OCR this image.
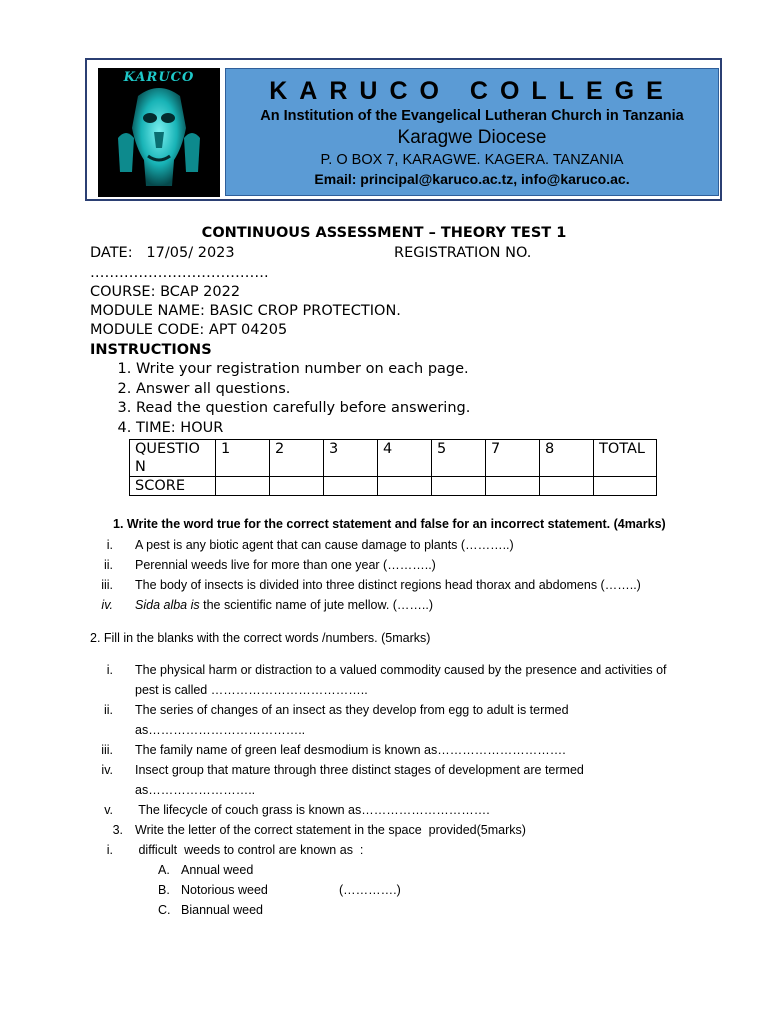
KARUCO	KARUCO COLLEGE
An Institution of the Evangelical Lutheran Church in Tanzania
Karagwe Diocese
P. O BOX 7, KARAGWE. KAGERA. TANZANIA
Email: principal@karuco.ac.tz, info@karuco.ac.
CONTINUOUS ASSESSMENT – THEORY TEST 1
DATE:   17/05/ 2023	REGISTRATION NO.
……………………………….
COURSE: BCAP 2022
MODULE NAME: BASIC CROP PROTECTION.
MODULE CODE: APT 04205
INSTRUCTIONS
1. Write your registration number on each page.
2. Answer all questions.
3. Read the question carefully before answering.
4. TIME: HOUR
QUESTIO
N	1	2	3	4	5	7	8	TOTAL
SCORE								
1. Write the word true for the correct statement and false for an incorrect statement. (4marks)
i. A pest is any biotic agent that can cause damage to plants (………..)
ii. Perennial weeds live for more than one year (………..)
iii. The body of insects is divided into three distinct regions head thorax and abdomens (……..)
iv. Sida alba is the scientific name of jute mellow. (……..)
2. Fill in the blanks with the correct words /numbers. (5marks)
i. The physical harm or distraction to a valued commodity caused by the presence and activities of
pest is called ………………………………..
ii. The series of changes of an insect as they develop from egg to adult is termed
as………………………………..
iii. The family name of green leaf desmodium is known as………………………….
iv. Insect group that mature through three distinct stages of development are termed
as……………………..
v. The lifecycle of couch grass is known as………………………….
3. Write the letter of the correct statement in the space  provided(5marks)
i. difficult  weeds to control are known as  :
A. Annual weed
B. Notorious weed	(………….)
C. Biannual weed
